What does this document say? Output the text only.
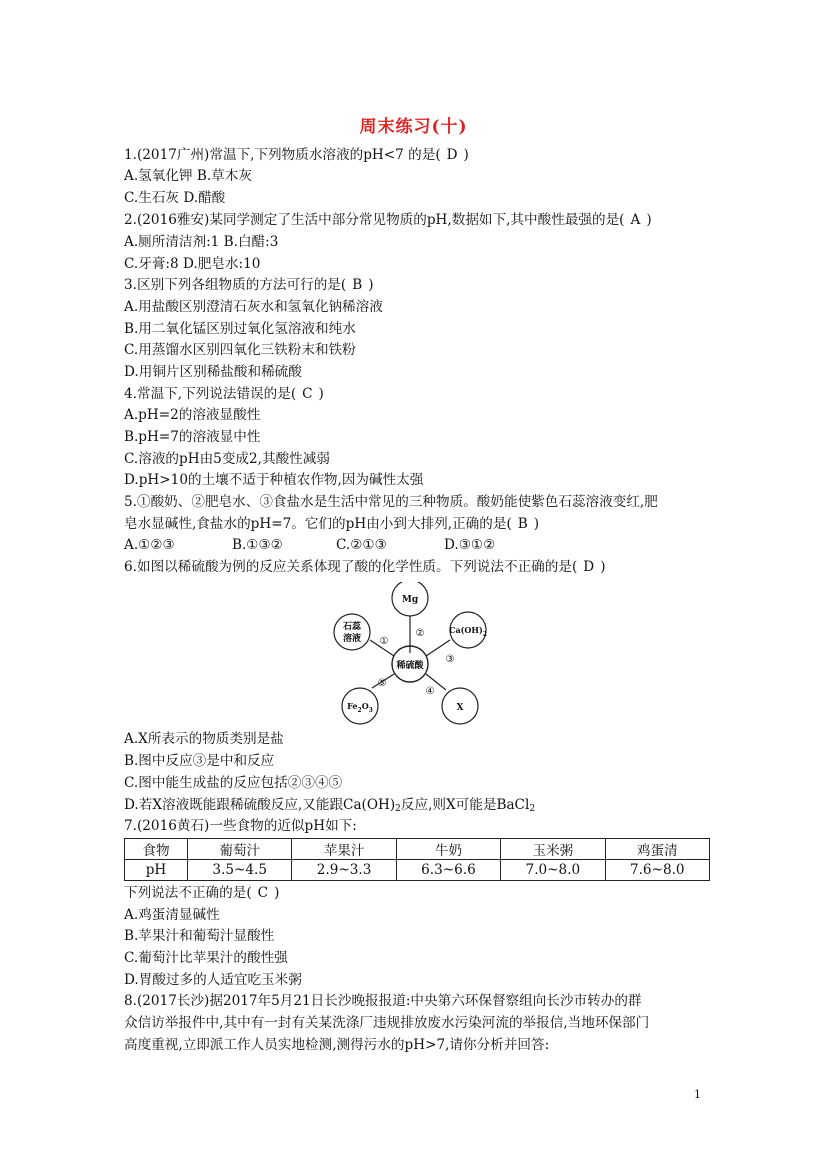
周末练习(十)
1.(2017广州)常温下,下列物质水溶液的pH<7 的是( D )
A.氢氧化钾 B.草木灰
C.生石灰 D.醋酸
2.(2016雅安)某同学测定了生活中部分常见物质的pH,数据如下,其中酸性最强的是( A )
A.厕所清洁剂:1 B.白醋:3
C.牙膏:8 D.肥皂水:10
3.区别下列各组物质的方法可行的是( B )
A.用盐酸区别澄清石灰水和氢氧化钠稀溶液
B.用二氧化锰区别过氧化氢溶液和纯水
C.用蒸馏水区别四氧化三铁粉末和铁粉
D.用铜片区别稀盐酸和稀硫酸
4.常温下,下列说法错误的是( C )
A.pH=2的溶液显酸性
B.pH=7的溶液显中性
C.溶液的pH由5变成2,其酸性减弱
D.pH>10的土壤不适于种植农作物,因为碱性太强
5.①酸奶、②肥皂水、③食盐水是生活中常见的三种物质。酸奶能使紫色石蕊溶液变红,肥
皂水显碱性,食盐水的pH=7。它们的pH由小到大排列,正确的是( B )
A.①②③	B.①③②	C.②①③	D.③①②
6.如图以稀硫酸为例的反应关系体现了酸的化学性质。下列说法不正确的是( D )
稀硫酸
Mg
$Ca(OH)_2$
X
$Fe_2O_3$
石蕊
溶液 ①
②
③
④
⑤
A.X所表示的物质类别是盐
B.图中反应③是中和反应
C.图中能生成盐的反应包括②③④⑤
D.若X溶液既能跟稀硫酸反应,又能跟$Ca(OH)_2$反应,则X可能是BaCl$_2$
7.(2016黄石)一些食物的近似pH如下:
食物	葡萄汁	苹果汁	牛奶	玉米粥	鸡蛋清
pH	3.5~4.5	2.9~3.3	6.3~6.6	7.0~8.0	7.6~8.0
下列说法不正确的是( C )
A.鸡蛋清显碱性
B.苹果汁和葡萄汁显酸性
C.葡萄汁比苹果汁的酸性强
D.胃酸过多的人适宜吃玉米粥
8.(2017长沙)据2017年5月21日长沙晚报报道:中央第六环保督察组向长沙市转办的群
众信访举报件中,其中有一封有关某洗涤厂违规排放废水污染河流的举报信,当地环保部门
高度重视,立即派工作人员实地检测,测得污水的pH>7,请你分析并回答:
1
